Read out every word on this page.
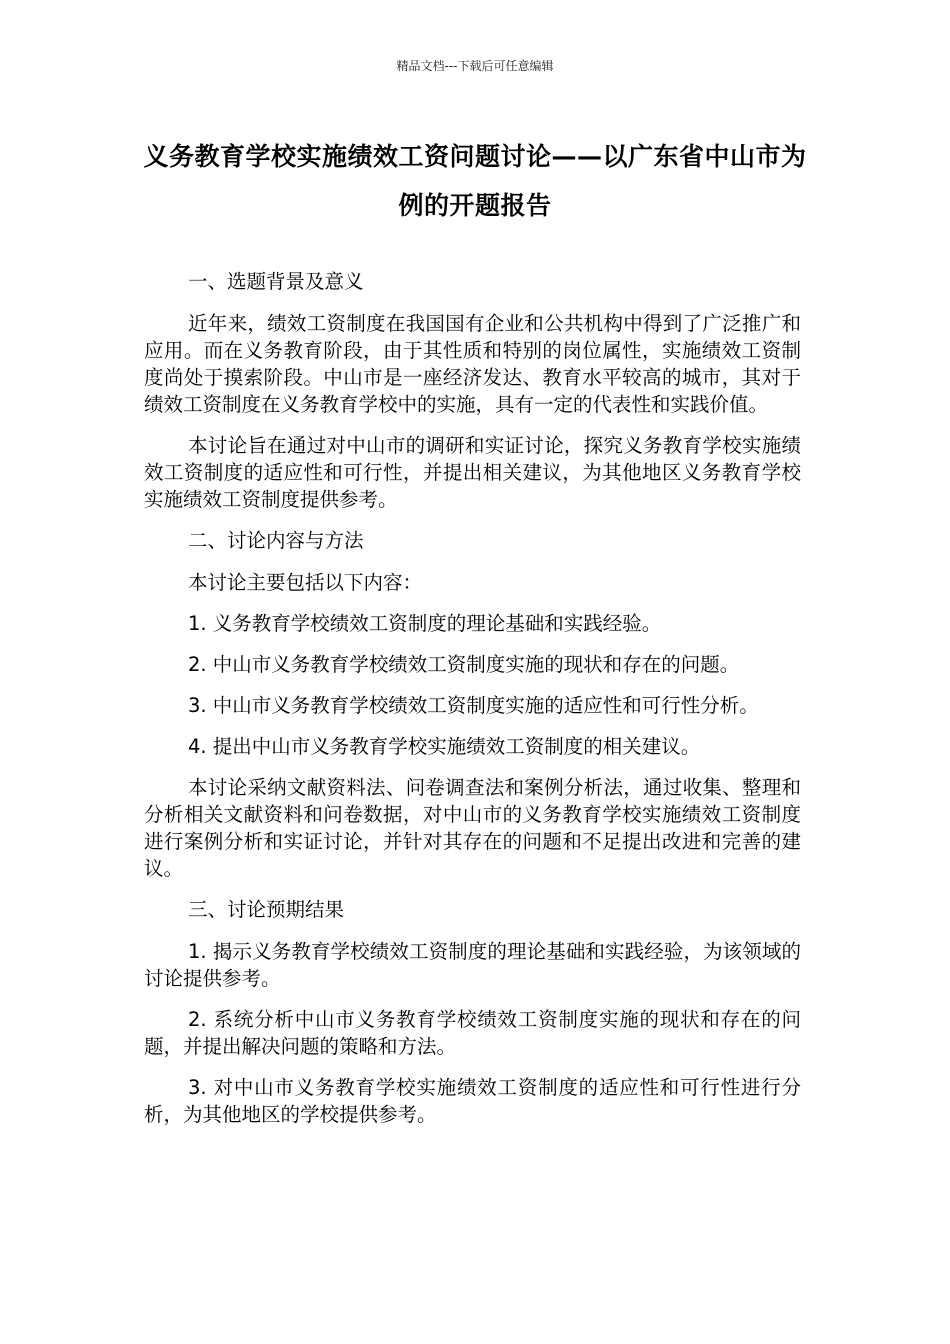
精品文档---下载后可任意编辑
义务教育学校实施绩效工资问题讨论——以广东省中山市为例的开题报告

一、选题背景及意义

近年来，绩效工资制度在我国国有企业和公共机构中得到了广泛推广和应用。而在义务教育阶段，由于其性质和特别的岗位属性，实施绩效工资制度尚处于摸索阶段。中山市是一座经济发达、教育水平较高的城市，其对于绩效工资制度在义务教育学校中的实施，具有一定的代表性和实践价值。

本讨论旨在通过对中山市的调研和实证讨论，探究义务教育学校实施绩效工资制度的适应性和可行性，并提出相关建议，为其他地区义务教育学校实施绩效工资制度提供参考。

二、讨论内容与方法

本讨论主要包括以下内容：

1. 义务教育学校绩效工资制度的理论基础和实践经验。

2. 中山市义务教育学校绩效工资制度实施的现状和存在的问题。

3. 中山市义务教育学校绩效工资制度实施的适应性和可行性分析。

4. 提出中山市义务教育学校实施绩效工资制度的相关建议。

本讨论采纳文献资料法、问卷调查法和案例分析法，通过收集、整理和分析相关文献资料和问卷数据，对中山市的义务教育学校实施绩效工资制度进行案例分析和实证讨论，并针对其存在的问题和不足提出改进和完善的建议。

三、讨论预期结果

1. 揭示义务教育学校绩效工资制度的理论基础和实践经验，为该领域的讨论提供参考。

2. 系统分析中山市义务教育学校绩效工资制度实施的现状和存在的问题，并提出解决问题的策略和方法。

3. 对中山市义务教育学校实施绩效工资制度的适应性和可行性进行分析，为其他地区的学校提供参考。
